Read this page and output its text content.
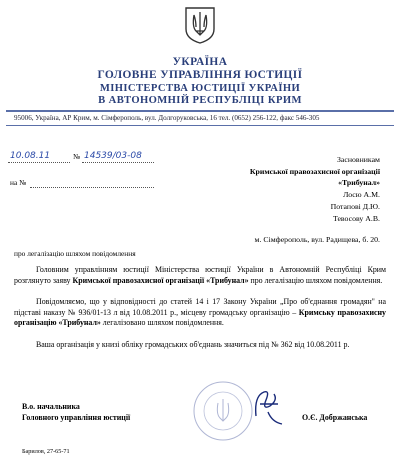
УКРАЇНА
ГОЛОВНЕ УПРАВЛІННЯ ЮСТИЦІЇ
МІНІСТЕРСТВА ЮСТИЦІЇ УКРАЇНИ
В АВТОНОМНІЙ РЕСПУБЛІЦІ КРИМ
95006, Україна, АР Крим, м. Сімферополь, вул. Долгоруковська, 16 тел. (0652) 256-122, факс 546-305
10.08.11	№ 14539/03-08
на №
Засновникам
Кримської правозахисної організації
«Трибунал»
Лосю А.М.
Потапові Д.Ю.
Тевосову А.В.
м. Сімферополь, вул. Радищева, б. 20.
про легалізацію шляхом повідомлення
Головним управлінням юстиції Міністерства юстиції України в Автономній Республіці Крим розглянуто заяву Кримської правозахисної організації «Трибунал» про легалізацію шляхом повідомлення.
Повідомляємо, що у відповідності до статей 14 і 17 Закону України „Про об'єднання громадян" на підставі наказу № 936/01-13 л від 10.08.2011 р., місцеву громадську організацію – Кримську правозахисну організацію «Трибунал» легалізовано шляхом повідомлення.
Ваша організація у книзі обліку громадських об'єднань значиться під № 362 від 10.08.2011 р.
В.о. начальника
Головного управління юстиції	О.Є. Добржанська
Барилов, 27-65-71
